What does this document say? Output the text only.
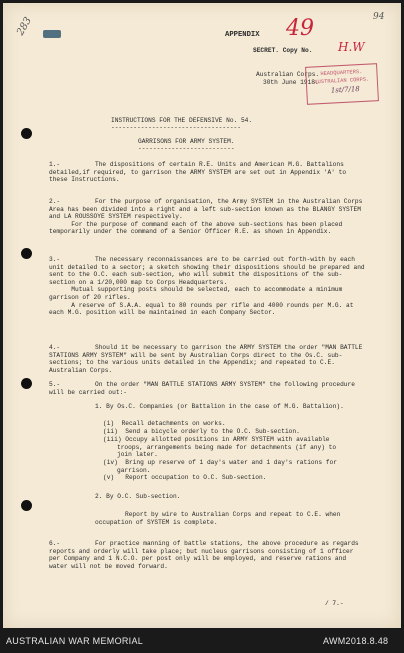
283	94
APPENDIX 49
SECRET. Copy No. H.W
Australian Corps.
30th June 1918.
HEADQUARTERS.
AUSTRALIAN CORPS.
1st/7/18
INSTRUCTIONS FOR THE DEFENSIVE No. 54.
-----------------------------------
GARRISONS FOR ARMY SYSTEM.
--------------------------
1.-	The dispositions of certain R.E. Units and American M.G. Battalions detailed,if required, to garrison the ARMY SYSTEM are set out in Appendix 'A' to these Instructions.
2.-	For the purpose of organisation, the Army SYSTEM in the Australian Corps Area has been divided into a right and a left sub-section known as the BLANGY SYSTEM and LA ROUSSOYE SYSTEM respectively.
For the purpose of command each of the above sub-sections has been placed temporarily under the command of a Senior Officer R.E. as shown in Appendix.
3.-	The necessary reconnaissances are to be carried out forth-with by each unit detailed to a sector; a sketch showing their dispositions should be prepared and sent to the O.C. each sub-section, who will submit the dispositions of the sub-section on a 1/20,000 map to Corps Headquarters.
Mutual supporting posts should be selected, each to accommodate a minimum garrison of 20 rifles.
A reserve of S.A.A. equal to 80 rounds per rifle and 4000 rounds per M.G. at each M.G. position will be maintained in each Company Sector.
4.-	Should it be necessary to garrison the ARMY SYSTEM the order "MAN BATTLE STATIONS ARMY SYSTEM" will be sent by Australian Corps direct to the Os.C. sub-sections; to the various units detailed in the Appendix; and repeated to C.E. Australian Corps.
5.-	On the order "MAN BATTLE STATIONS ARMY SYSTEM" the following procedure will be carried out:-
1. By Os.C. Companies (or Battalion in the case of M.G. Battalion).
(i)  Recall detachments on works.
(ii)  Send a bicycle orderly to the O.C. Sub-section.
(iii) Occupy allotted positions in ARMY SYSTEM with available troops, arrangements being made for detachments (if any) to join later.
(iv)  Bring up reserve of 1 day's water and 1 day's rations for garrison.
(v)   Report occupation to O.C. Sub-section.
2. By O.C. Sub-section.
Report by wire to Australian Corps and repeat to C.E. when occupation of SYSTEM is complete.
6.-	For practice manning of battle stations, the above procedure as regards reports and orderly will take place; but nucleus garrisons consisting of 1 officer per Company and 1 N.C.O. per post only will be employed, and reserve rations and water will not be moved forward.
/ 7.-
AUSTRALIAN WAR MEMORIAL	AWM2018.8.48
